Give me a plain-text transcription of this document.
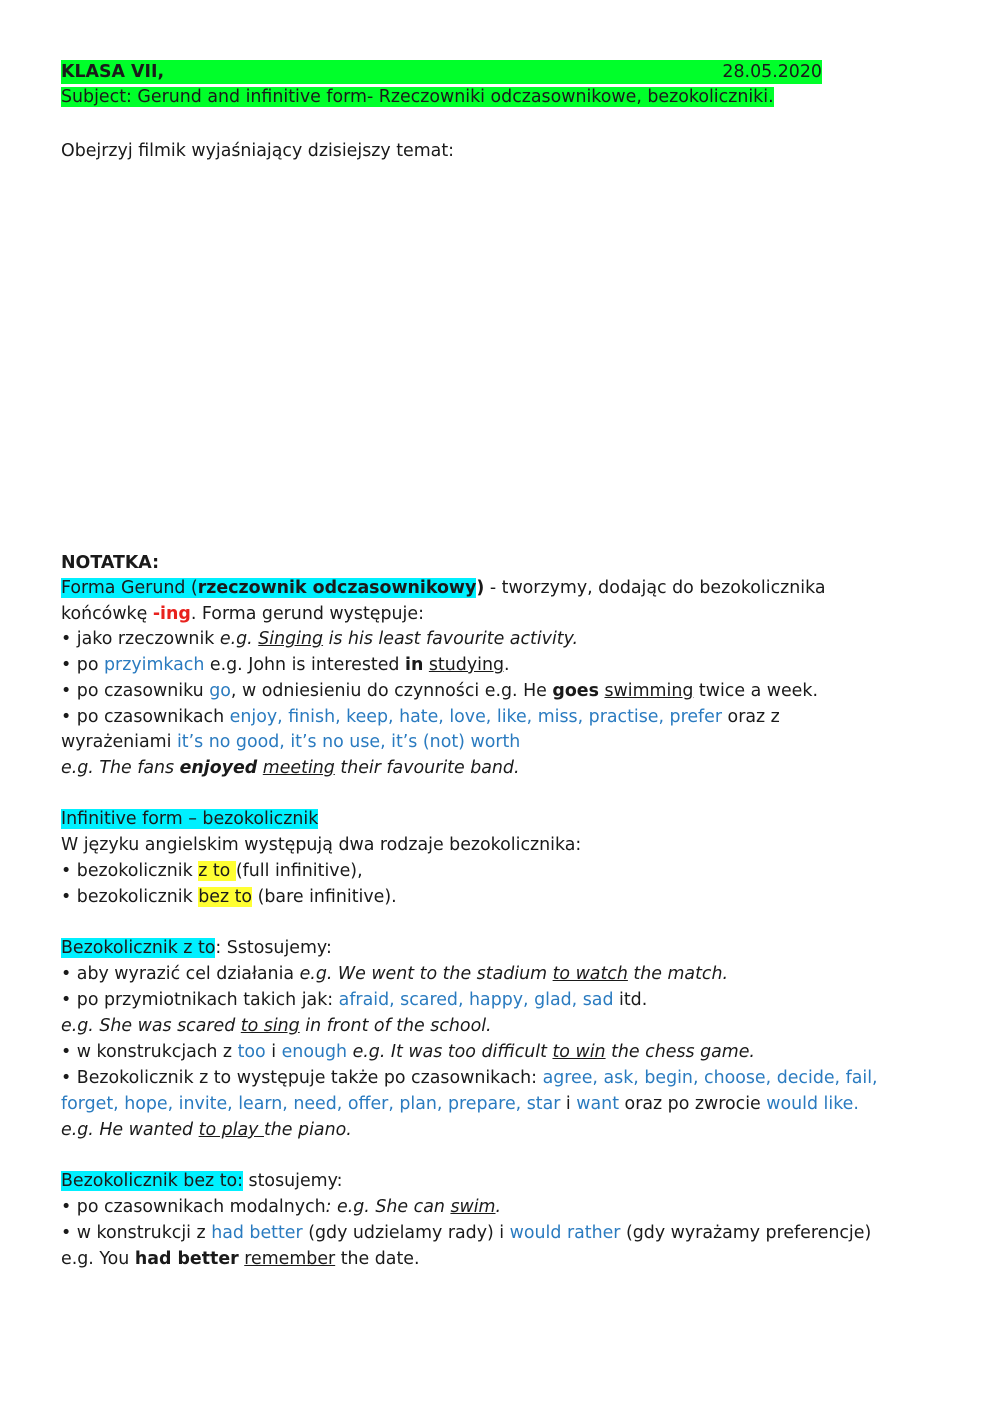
KLASA VII,	28.05.2020
Subject: Gerund and infinitive form- Rzeczowniki odczasownikowe, bezokoliczniki.
Obejrzyj filmik wyjaśniający dzisiejszy temat:
NOTATKA:
Forma Gerund (rzeczownik odczasownikowy) - tworzymy, dodając do bezokolicznika
końcówkę -ing. Forma gerund występuje:
• jako rzeczownik e.g. Singing is his least favourite activity.
• po przyimkach e.g. John is interested in studying.
• po czasowniku go, w odniesieniu do czynności e.g. He goes swimming twice a week.
• po czasownikach enjoy, finish, keep, hate, love, like, miss, practise, prefer oraz z
wyrażeniami it’s no good, it’s no use, it’s (not) worth
e.g. The fans enjoyed meeting their favourite band.
Infinitive form – bezokolicznik
W języku angielskim występują dwa rodzaje bezokolicznika:
• bezokolicznik z to (full infinitive),
• bezokolicznik bez to (bare infinitive).
Bezokolicznik z to: Sstosujemy:
• aby wyrazić cel działania e.g. We went to the stadium to watch the match.
• po przymiotnikach takich jak: afraid, scared, happy, glad, sad itd.
e.g. She was scared to sing in front of the school.
• w konstrukcjach z too i enough e.g. It was too difficult to win the chess game.
• Bezokolicznik z to występuje także po czasownikach: agree, ask, begin, choose, decide, fail,
forget, hope, invite, learn, need, offer, plan, prepare, star i want oraz po zwrocie would like.
e.g. He wanted to play the piano.
Bezokolicznik bez to: stosujemy:
• po czasownikach modalnych: e.g. She can swim.
• w konstrukcji z had better (gdy udzielamy rady) i would rather (gdy wyrażamy preferencje)
e.g. You had better remember the date.
